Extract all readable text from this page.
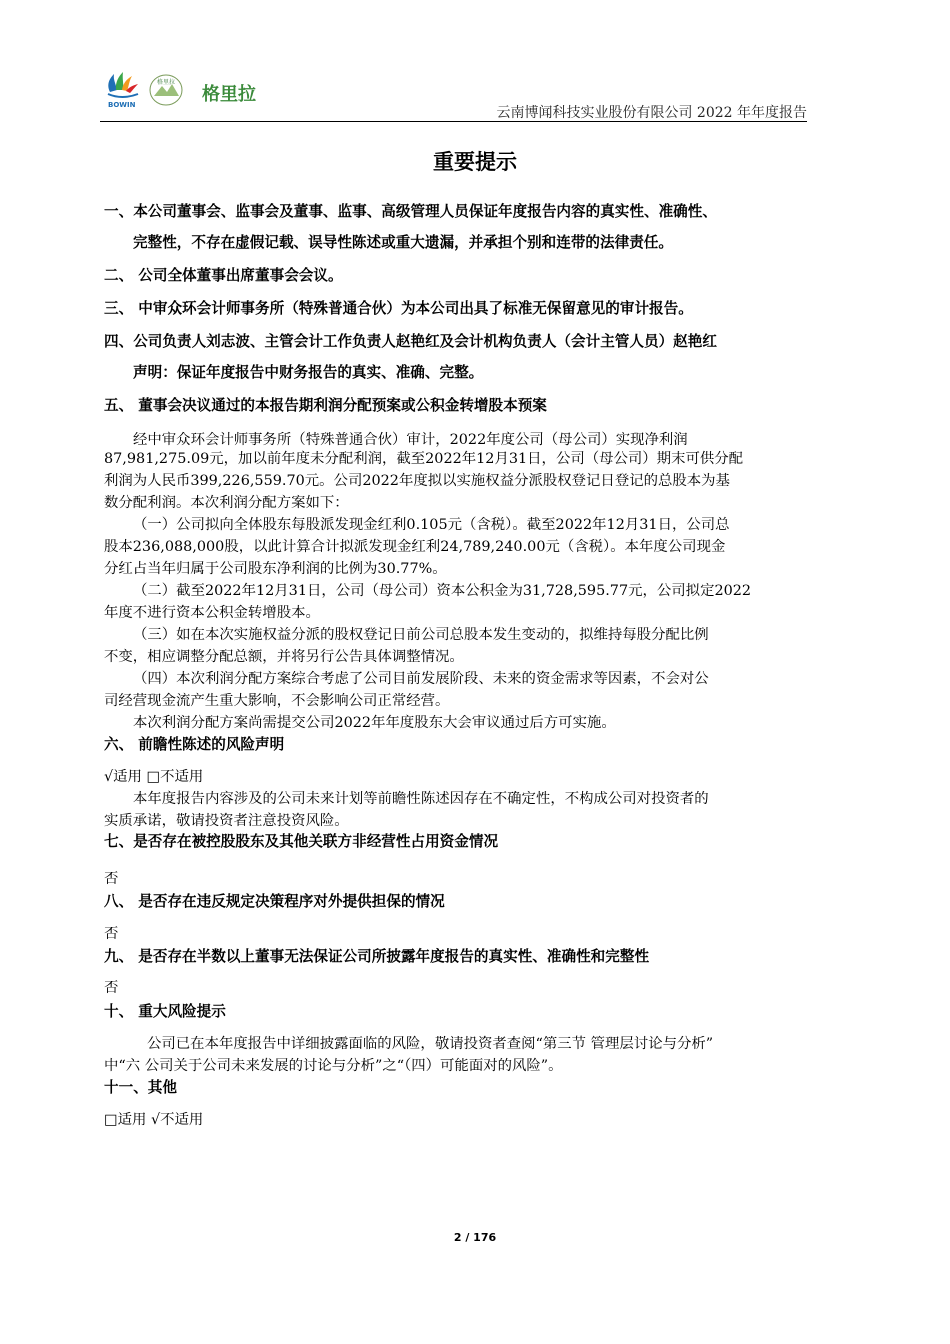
BOWIN
格里拉
格里拉
云南博闻科技实业股份有限公司 2022 年年度报告
重要提示
一、本公司董事会、监事会及董事、监事、高级管理人员保证年度报告内容的真实性、准确性、
完整性，不存在虚假记载、误导性陈述或重大遗漏，并承担个别和连带的法律责任。
二、 公司全体董事出席董事会会议。
三、 中审众环会计师事务所（特殊普通合伙）为本公司出具了标准无保留意见的审计报告。
四、公司负责人刘志波、主管会计工作负责人赵艳红及会计机构负责人（会计主管人员）赵艳红
声明：保证年度报告中财务报告的真实、准确、完整。
五、 董事会决议通过的本报告期利润分配预案或公积金转增股本预案
经中审众环会计师事务所（特殊普通合伙）审计，2022年度公司（母公司）实现净利润
87,981,275.09元，加以前年度未分配利润，截至2022年12月31日，公司（母公司）期末可供分配
利润为人民币399,226,559.70元。公司2022年度拟以实施权益分派股权登记日登记的总股本为基
数分配利润。本次利润分配方案如下：
（一）公司拟向全体股东每股派发现金红利0.105元（含税）。截至2022年12月31日，公司总
股本236,088,000股，以此计算合计拟派发现金红利24,789,240.00元（含税）。本年度公司现金
分红占当年归属于公司股东净利润的比例为30.77%。
（二）截至2022年12月31日，公司（母公司）资本公积金为31,728,595.77元，公司拟定2022
年度不进行资本公积金转增股本。
（三）如在本次实施权益分派的股权登记日前公司总股本发生变动的，拟维持每股分配比例
不变，相应调整分配总额，并将另行公告具体调整情况。
（四）本次利润分配方案综合考虑了公司目前发展阶段、未来的资金需求等因素，不会对公
司经营现金流产生重大影响，不会影响公司正常经营。
本次利润分配方案尚需提交公司2022年年度股东大会审议通过后方可实施。
六、 前瞻性陈述的风险声明
√适用 □不适用
本年度报告内容涉及的公司未来计划等前瞻性陈述因存在不确定性，不构成公司对投资者的
实质承诺，敬请投资者注意投资风险。
七、是否存在被控股股东及其他关联方非经营性占用资金情况
否
八、 是否存在违反规定决策程序对外提供担保的情况
否
九、 是否存在半数以上董事无法保证公司所披露年度报告的真实性、准确性和完整性
否
十、 重大风险提示
公司已在本年度报告中详细披露面临的风险，敬请投资者查阅“第三节 管理层讨论与分析”
中“六 公司关于公司未来发展的讨论与分析”之“（四）可能面对的风险”。
十一、其他
□适用 √不适用
2 / 176
